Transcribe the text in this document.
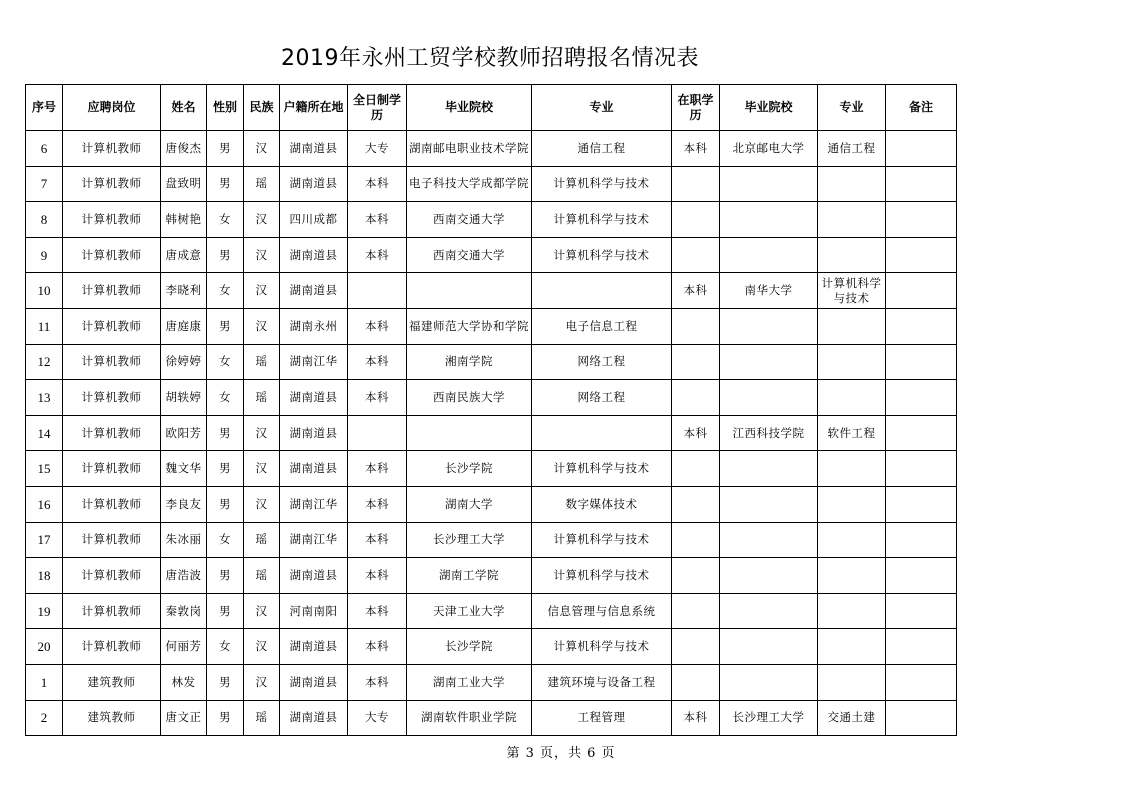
2019年永州工贸学校教师招聘报名情况表
序号	应聘岗位	姓名	性别	民族	户籍所在地	全日制学历	毕业院校	专业	在职学历	毕业院校	专业	备注
6	计算机教师	唐俊杰	男	汉	湖南道县	大专	湖南邮电职业技术学院	通信工程	本科	北京邮电大学	通信工程	
7	计算机教师	盘致明	男	瑶	湖南道县	本科	电子科技大学成都学院	计算机科学与技术				
8	计算机教师	韩树艳	女	汉	四川成都	本科	西南交通大学	计算机科学与技术				
9	计算机教师	唐成意	男	汉	湖南道县	本科	西南交通大学	计算机科学与技术				
10	计算机教师	李晓利	女	汉	湖南道县				本科	南华大学	计算机科学与技术	
11	计算机教师	唐庭康	男	汉	湖南永州	本科	福建师范大学协和学院	电子信息工程				
12	计算机教师	徐婷婷	女	瑶	湖南江华	本科	湘南学院	网络工程				
13	计算机教师	胡轶婷	女	瑶	湖南道县	本科	西南民族大学	网络工程				
14	计算机教师	欧阳芳	男	汉	湖南道县				本科	江西科技学院	软件工程	
15	计算机教师	魏文华	男	汉	湖南道县	本科	长沙学院	计算机科学与技术				
16	计算机教师	李良友	男	汉	湖南江华	本科	湖南大学	数字媒体技术				
17	计算机教师	朱冰丽	女	瑶	湖南江华	本科	长沙理工大学	计算机科学与技术				
18	计算机教师	唐浩波	男	瑶	湖南道县	本科	湖南工学院	计算机科学与技术				
19	计算机教师	秦敦岗	男	汉	河南南阳	本科	天津工业大学	信息管理与信息系统				
20	计算机教师	何丽芳	女	汉	湖南道县	本科	长沙学院	计算机科学与技术				
1	建筑教师	林发	男	汉	湖南道县	本科	湖南工业大学	建筑环境与设备工程				
2	建筑教师	唐文正	男	瑶	湖南道县	大专	湖南软件职业学院	工程管理	本科	长沙理工大学	交通土建	
第 3 页，共 6 页
